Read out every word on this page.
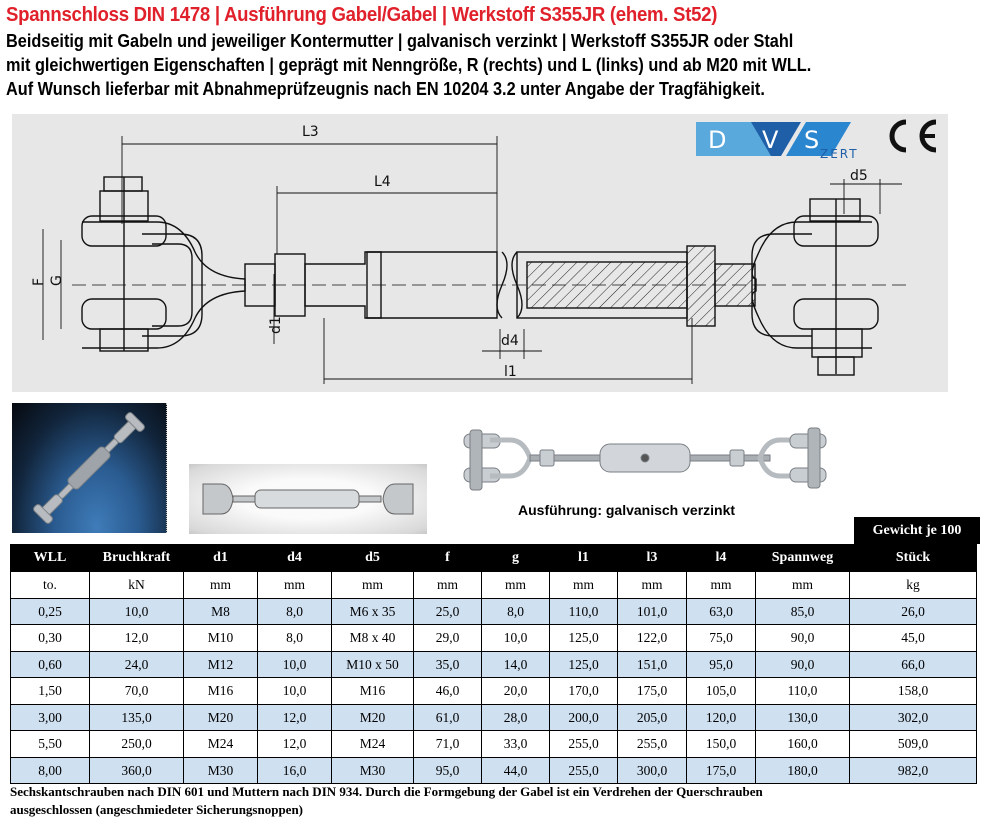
Spannschloss DIN 1478 | Ausführung Gabel/Gabel | Werkstoff S355JR (ehem. St52)
Beidseitig mit Gabeln und jeweiliger Kontermutter | galvanisch verzinkt | Werkstoff S355JR oder Stahl
mit gleichwertigen Eigenschaften | geprägt mit Nenngröße, R (rechts) und L (links) und ab M20 mit WLL.
Auf Wunsch lieferbar mit Abnahmeprüfzeugnis nach EN 10204 3.2 unter Angabe der Tragfähigkeit.
L3
L4	d5
F G
d1
d4
l1
D V S ZERT
Ausführung: galvanisch verzinkt
Gewicht je 100
WLL	Bruchkraft	d1	d4	d5	f	g	l1	l3	l4	Spannweg	Stück
to.	kN	mm	mm	mm	mm	mm	mm	mm	mm	mm	kg
0,25	10,0	M8	8,0	M6 x 35	25,0	8,0	110,0	101,0	63,0	85,0	26,0
0,30	12,0	M10	8,0	M8 x 40	29,0	10,0	125,0	122,0	75,0	90,0	45,0
0,60	24,0	M12	10,0	M10 x 50	35,0	14,0	125,0	151,0	95,0	90,0	66,0
1,50	70,0	M16	10,0	M16	46,0	20,0	170,0	175,0	105,0	110,0	158,0
3,00	135,0	M20	12,0	M20	61,0	28,0	200,0	205,0	120,0	130,0	302,0
5,50	250,0	M24	12,0	M24	71,0	33,0	255,0	255,0	150,0	160,0	509,0
8,00	360,0	M30	16,0	M30	95,0	44,0	255,0	300,0	175,0	180,0	982,0
Sechskantschrauben nach DIN 601 und Muttern nach DIN 934. Durch die Formgebung der Gabel ist ein Verdrehen der Querschrauben
ausgeschlossen (angeschmiedeter Sicherungsnoppen)
